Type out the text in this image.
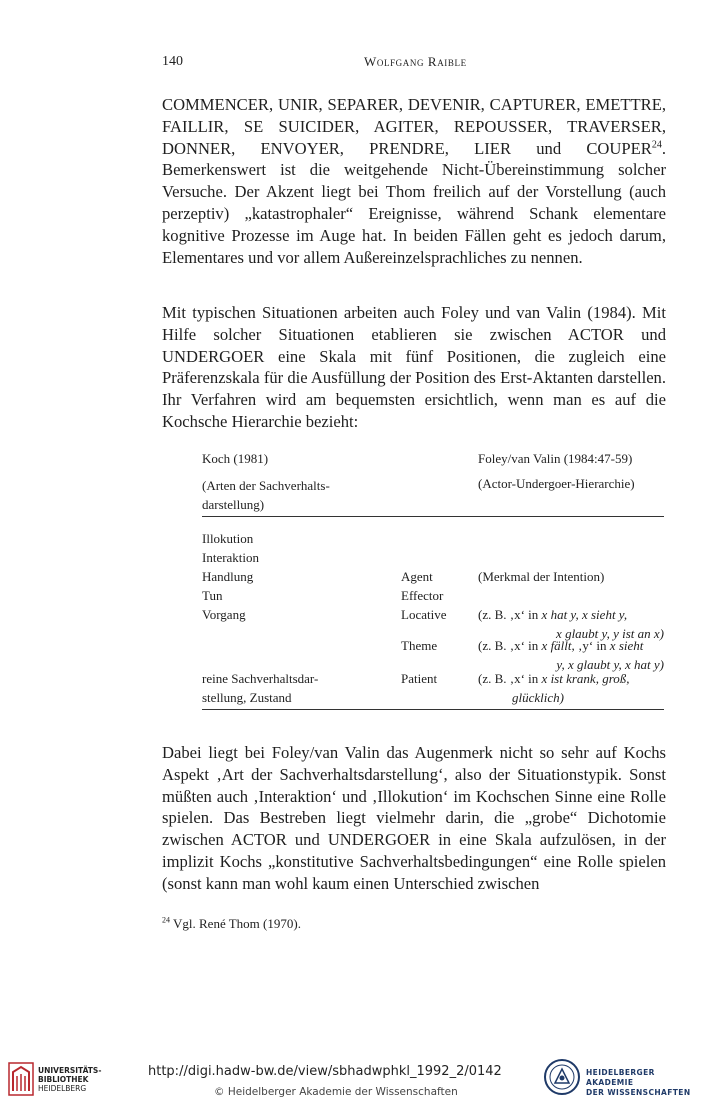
140	Wolfgang Raible

COMMENCER, UNIR, SEPARER, DEVENIR, CAPTURER, EMETTRE, FAILLIR, SE SUICIDER, AGITER, REPOUSSER, TRAVERSER, DONNER, ENVOYER, PRENDRE, LIER und COUPER$^{24}$. Bemerkenswert ist die weitgehende Nicht-Übereinstimmung solcher Versuche. Der Akzent liegt bei Thom freilich auf der Vorstellung (auch perzeptiv) „katastrophaler“ Ereignisse, während Schank elementare kognitive Prozesse im Auge hat. In beiden Fällen geht es jedoch darum, Elementares und vor allem Außereinzelsprachliches zu nennen.

Mit typischen Situationen arbeiten auch Foley und van Valin (1984). Mit Hilfe solcher Situationen etablieren sie zwischen ACTOR und UNDERGOER eine Skala mit fünf Positionen, die zugleich eine Präferenzskala für die Ausfüllung der Position des Erst-Aktanten darstellen. Ihr Verfahren wird am bequemsten ersichtlich, wenn man es auf die Kochsche Hierarchie bezieht:

Koch (1981)
(Arten der Sachverhalts-
darstellung)
Foley/van Valin (1984:47-59)
(Actor-Undergoer-Hierarchie)
Illokution
Interaktion
Handlung
Tun
Vorgang
reine Sachverhaltsdar-
stellung, Zustand
Agent
Effector
Locative
Theme
Patient
(Merkmal der Intention)
(z. B. ‚x‘ in x hat y, x sieht y,
x glaubt y, y ist an x)
(z. B. ‚x‘ in x fällt, ‚y‘ in x sieht
y, x glaubt y, x hat y)
(z. B. ‚x‘ in x ist krank, groß,
glücklich)

Dabei liegt bei Foley/van Valin das Augenmerk nicht so sehr auf Kochs Aspekt ‚Art der Sachverhaltsdarstellung‘, also der Situationstypik. Sonst müßten auch ‚Interaktion‘ und ‚Illokution‘ im Kochschen Sinne eine Rolle spielen. Das Bestreben liegt vielmehr darin, die „grobe“ Dichotomie zwischen ACTOR und UNDERGOER in eine Skala aufzulösen, in der implizit Kochs „konstitutive Sachverhaltsbedingungen“ eine Rolle spielen (sonst kann man wohl kaum einen Unterschied zwischen

$^{24}$ Vgl. René Thom (1970).
UNIVERSITÄTS-
BIBLIOTHEK
HEIDELBERG
http://digi.hadw-bw.de/view/sbhadwphkl_1992_2/0142
© Heidelberger Akademie der Wissenschaften
HEIDELBERGER AKADEMIE
DER WISSENSCHAFTEN
